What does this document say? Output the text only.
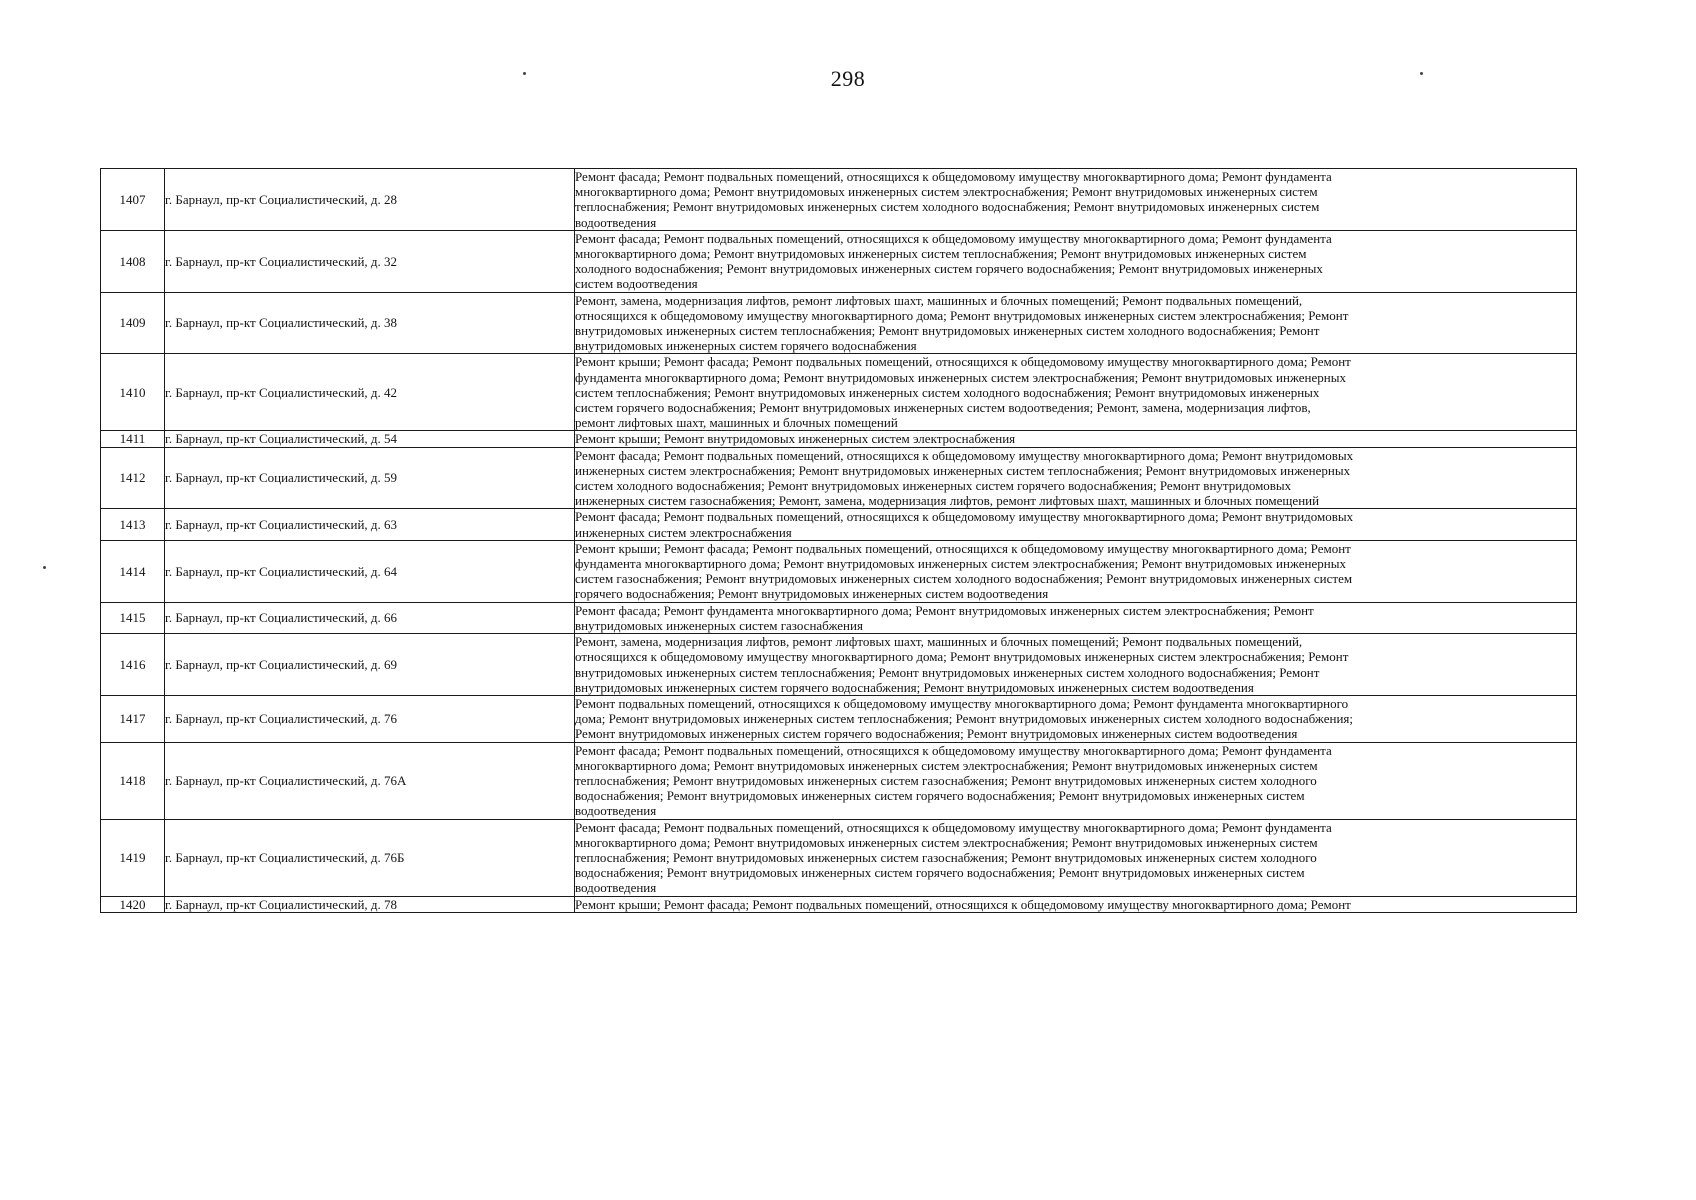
298
1407	г. Барнаул, пр-кт Социалистический, д. 28	Ремонт фасада; Ремонт подвальных помещений, относящихся к общедомовому имуществу многоквартирного дома; Ремонт фундамента
многоквартирного дома; Ремонт внутридомовых инженерных систем электроснабжения; Ремонт внутридомовых инженерных систем
теплоснабжения; Ремонт внутридомовых инженерных систем холодного водоснабжения; Ремонт внутридомовых инженерных систем
водоотведения

1408	г. Барнаул, пр-кт Социалистический, д. 32	Ремонт фасада; Ремонт подвальных помещений, относящихся к общедомовому имуществу многоквартирного дома; Ремонт фундамента
многоквартирного дома; Ремонт внутридомовых инженерных систем теплоснабжения; Ремонт внутридомовых инженерных систем
холодного водоснабжения; Ремонт внутридомовых инженерных систем горячего водоснабжения; Ремонт внутридомовых инженерных
систем водоотведения

1409	г. Барнаул, пр-кт Социалистический, д. 38	Ремонт, замена, модернизация лифтов, ремонт лифтовых шахт, машинных и блочных помещений; Ремонт подвальных помещений,
относящихся к общедомовому имуществу многоквартирного дома; Ремонт внутридомовых инженерных систем электроснабжения; Ремонт
внутридомовых инженерных систем теплоснабжения; Ремонт внутридомовых инженерных систем холодного водоснабжения; Ремонт
внутридомовых инженерных систем горячего водоснабжения

1410	г. Барнаул, пр-кт Социалистический, д. 42	Ремонт крыши; Ремонт фасада; Ремонт подвальных помещений, относящихся к общедомовому имуществу многоквартирного дома; Ремонт
фундамента многоквартирного дома; Ремонт внутридомовых инженерных систем электроснабжения; Ремонт внутридомовых инженерных
систем теплоснабжения; Ремонт внутридомовых инженерных систем холодного водоснабжения; Ремонт внутридомовых инженерных
систем горячего водоснабжения; Ремонт внутридомовых инженерных систем водоотведения; Ремонт, замена, модернизация лифтов,
ремонт лифтовых шахт, машинных и блочных помещений

1411	г. Барнаул, пр-кт Социалистический, д. 54	Ремонт крыши; Ремонт внутридомовых инженерных систем электроснабжения

1412	г. Барнаул, пр-кт Социалистический, д. 59	Ремонт фасада; Ремонт подвальных помещений, относящихся к общедомовому имуществу многоквартирного дома; Ремонт внутридомовых
инженерных систем электроснабжения; Ремонт внутридомовых инженерных систем теплоснабжения; Ремонт внутридомовых инженерных
систем холодного водоснабжения; Ремонт внутридомовых инженерных систем горячего водоснабжения; Ремонт внутридомовых
инженерных систем газоснабжения; Ремонт, замена, модернизация лифтов, ремонт лифтовых шахт, машинных и блочных помещений

1413	г. Барнаул, пр-кт Социалистический, д. 63	Ремонт фасада; Ремонт подвальных помещений, относящихся к общедомовому имуществу многоквартирного дома; Ремонт внутридомовых
инженерных систем электроснабжения

1414	г. Барнаул, пр-кт Социалистический, д. 64	Ремонт крыши; Ремонт фасада; Ремонт подвальных помещений, относящихся к общедомовому имуществу многоквартирного дома; Ремонт
фундамента многоквартирного дома; Ремонт внутридомовых инженерных систем электроснабжения; Ремонт внутридомовых инженерных
систем газоснабжения; Ремонт внутридомовых инженерных систем холодного водоснабжения; Ремонт внутридомовых инженерных систем
горячего водоснабжения; Ремонт внутридомовых инженерных систем водоотведения

1415	г. Барнаул, пр-кт Социалистический, д. 66	Ремонт фасада; Ремонт фундамента многоквартирного дома; Ремонт внутридомовых инженерных систем электроснабжения; Ремонт
внутридомовых инженерных систем газоснабжения

1416	г. Барнаул, пр-кт Социалистический, д. 69	Ремонт, замена, модернизация лифтов, ремонт лифтовых шахт, машинных и блочных помещений; Ремонт подвальных помещений,
относящихся к общедомовому имуществу многоквартирного дома; Ремонт внутридомовых инженерных систем электроснабжения; Ремонт
внутридомовых инженерных систем теплоснабжения; Ремонт внутридомовых инженерных систем холодного водоснабжения; Ремонт
внутридомовых инженерных систем горячего водоснабжения; Ремонт внутридомовых инженерных систем водоотведения

1417	г. Барнаул, пр-кт Социалистический, д. 76	Ремонт подвальных помещений, относящихся к общедомовому имуществу многоквартирного дома; Ремонт фундамента многоквартирного
дома; Ремонт внутридомовых инженерных систем теплоснабжения; Ремонт внутридомовых инженерных систем холодного водоснабжения;
Ремонт внутридомовых инженерных систем горячего водоснабжения; Ремонт внутридомовых инженерных систем водоотведения

1418	г. Барнаул, пр-кт Социалистический, д. 76А	Ремонт фасада; Ремонт подвальных помещений, относящихся к общедомовому имуществу многоквартирного дома; Ремонт фундамента
многоквартирного дома; Ремонт внутридомовых инженерных систем электроснабжения; Ремонт внутридомовых инженерных систем
теплоснабжения; Ремонт внутридомовых инженерных систем газоснабжения; Ремонт внутридомовых инженерных систем холодного
водоснабжения; Ремонт внутридомовых инженерных систем горячего водоснабжения; Ремонт внутридомовых инженерных систем
водоотведения

1419	г. Барнаул, пр-кт Социалистический, д. 76Б	Ремонт фасада; Ремонт подвальных помещений, относящихся к общедомовому имуществу многоквартирного дома; Ремонт фундамента
многоквартирного дома; Ремонт внутридомовых инженерных систем электроснабжения; Ремонт внутридомовых инженерных систем
теплоснабжения; Ремонт внутридомовых инженерных систем газоснабжения; Ремонт внутридомовых инженерных систем холодного
водоснабжения; Ремонт внутридомовых инженерных систем горячего водоснабжения; Ремонт внутридомовых инженерных систем
водоотведения

1420	г. Барнаул, пр-кт Социалистический, д. 78	Ремонт крыши; Ремонт фасада; Ремонт подвальных помещений, относящихся к общедомовому имуществу многоквартирного дома; Ремонт
